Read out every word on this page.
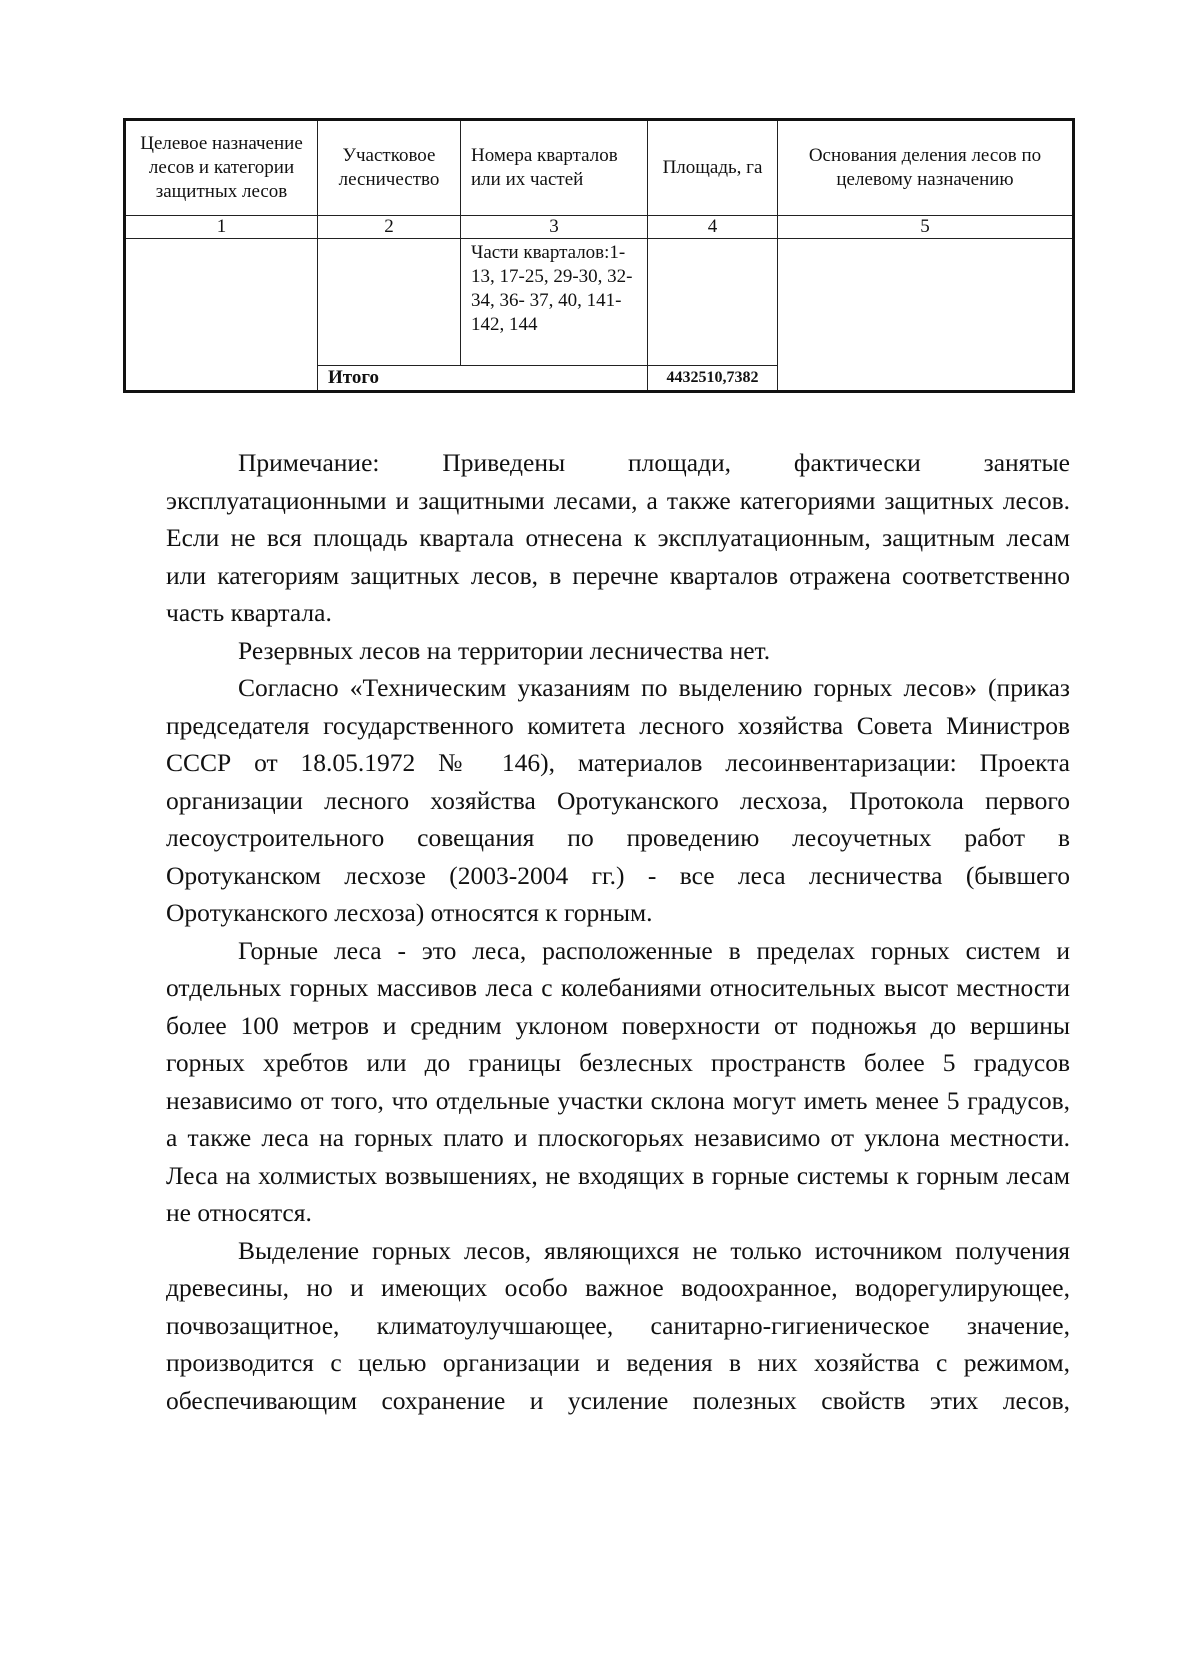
Целевое назначение лесов и категории защитных лесов	Участковое лесничество	Номера кварталов или их частей	Площадь, га	Основания деления лесов по целевому назначению
1	2	3	4	5
		Части кварталов:1-13, 17-25, 29-30, 32-34, 36- 37, 40, 141-142, 144		
	Итого		4432510,7382	

Примечание: Приведены площади, фактически занятые эксплуатационными и защитными лесами, а также категориями защитных лесов. Если не вся площадь квартала отнесена к эксплуатационным, защитным лесам или категориям защитных лесов, в перечне кварталов отражена соответственно часть квартала.

Резервных лесов на территории лесничества нет.

Согласно «Техническим указаниям по выделению горных лесов» (приказ председателя государственного комитета лесного хозяйства Совета Министров СССР от 18.05.1972 № 146), материалов лесоинвентаризации: Проекта организации лесного хозяйства Оротуканского лесхоза, Протокола первого лесоустроительного совещания по проведению лесоучетных работ в Оротуканском лесхозе (2003-2004 гг.) - все леса лесничества (бывшего Оротуканского лесхоза) относятся к горным.

Горные леса - это леса, расположенные в пределах горных систем и отдельных горных массивов леса с колебаниями относительных высот местности более 100 метров и средним уклоном поверхности от подножья до вершины горных хребтов или до границы безлесных пространств более 5 градусов независимо от того, что отдельные участки склона могут иметь менее 5 градусов, а также леса на горных плато и плоскогорьях независимо от уклона местности. Леса на холмистых возвышениях, не входящих в горные системы к горным лесам не относятся.

Выделение горных лесов, являющихся не только источником получения древесины, но и имеющих особо важное водоохранное, водорегулирующее, почвозащитное, климатоулучшающее, санитарно-гигиеническое значение, производится с целью организации и ведения в них хозяйства с режимом, обеспечивающим сохранение и усиление полезных свойств этих лесов,
